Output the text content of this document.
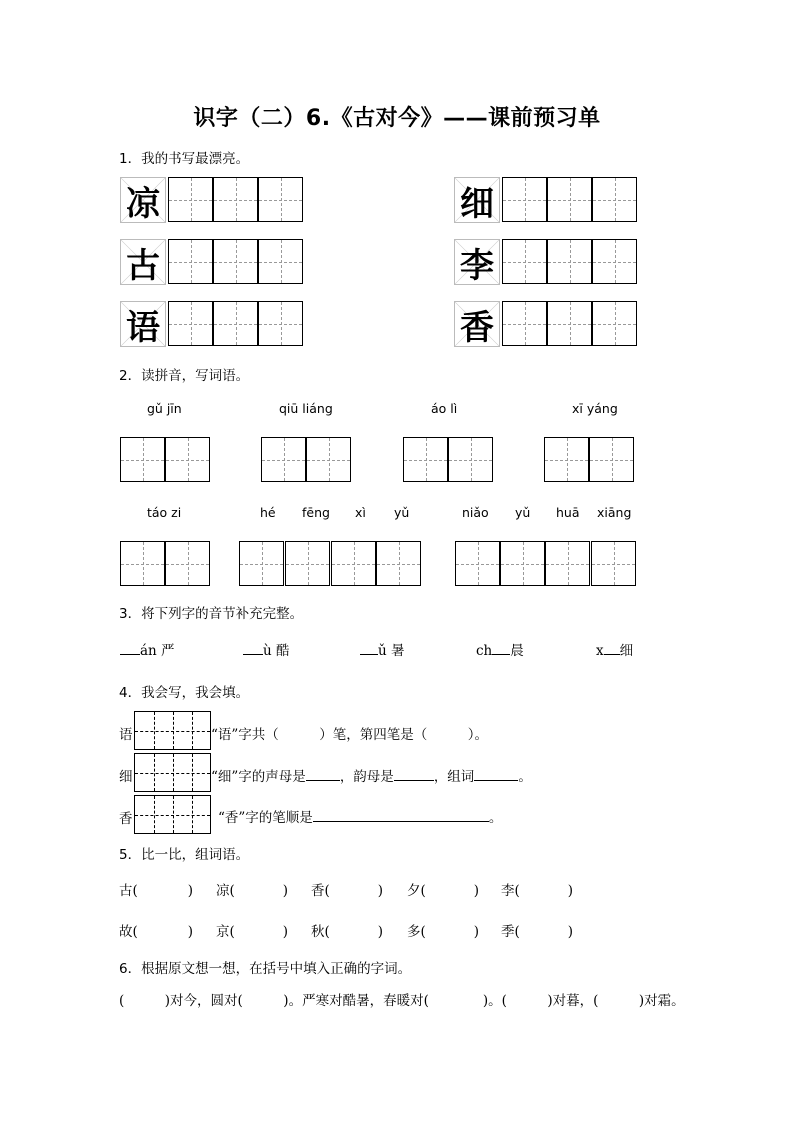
识字（二）6.《古对今》——课前预习单
1．我的书写最漂亮。
凉
古
语
细
李
香
2．读拼音，写词语。
gǔ jīn	qiū liáng	áo lì	xī yáng
táo zi	hé fēng xì yǔ	niǎo yǔ huā xiāng
3．将下列字的音节补充完整。
án 严	ù 酷	ǔ 暑	ch 晨	x 细
4．我会写，我会填。
语	“语”字共（　　　）笔，第四笔是（　　　）。
细	“细”字的声母是	，韵母是	，组词	。
香	“香”字的笔顺是	。
5．比一比，组词语。
古(	) 凉(	) 香(	) 夕(	) 李(	)
故(	) 京(	) 秋(	) 多(	) 季(	)
6．根据原文想一想，在括号中填入正确的字词。
(　　　)对今，圆对(　　　)。严寒对酷暑，春暖对(　　　　)。(　　　)对暮，(　　　)对霜。
